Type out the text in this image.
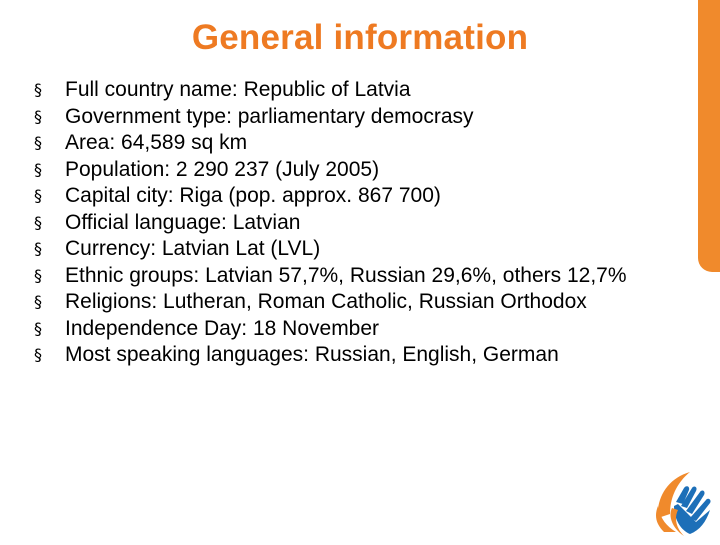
General information
§ Full country name: Republic of Latvia
§ Government type: parliamentary democrasy
§ Area: 64,589 sq km
§ Population: 2 290 237 (July 2005)
§ Capital city: Riga (pop. approx. 867 700)
§ Official language: Latvian
§ Currency: Latvian Lat (LVL)
§ Ethnic groups: Latvian 57,7%, Russian 29,6%, others 12,7%
§ Religions: Lutheran, Roman Catholic, Russian Orthodox
§ Independence Day: 18 November
§ Most speaking languages: Russian, English, German
